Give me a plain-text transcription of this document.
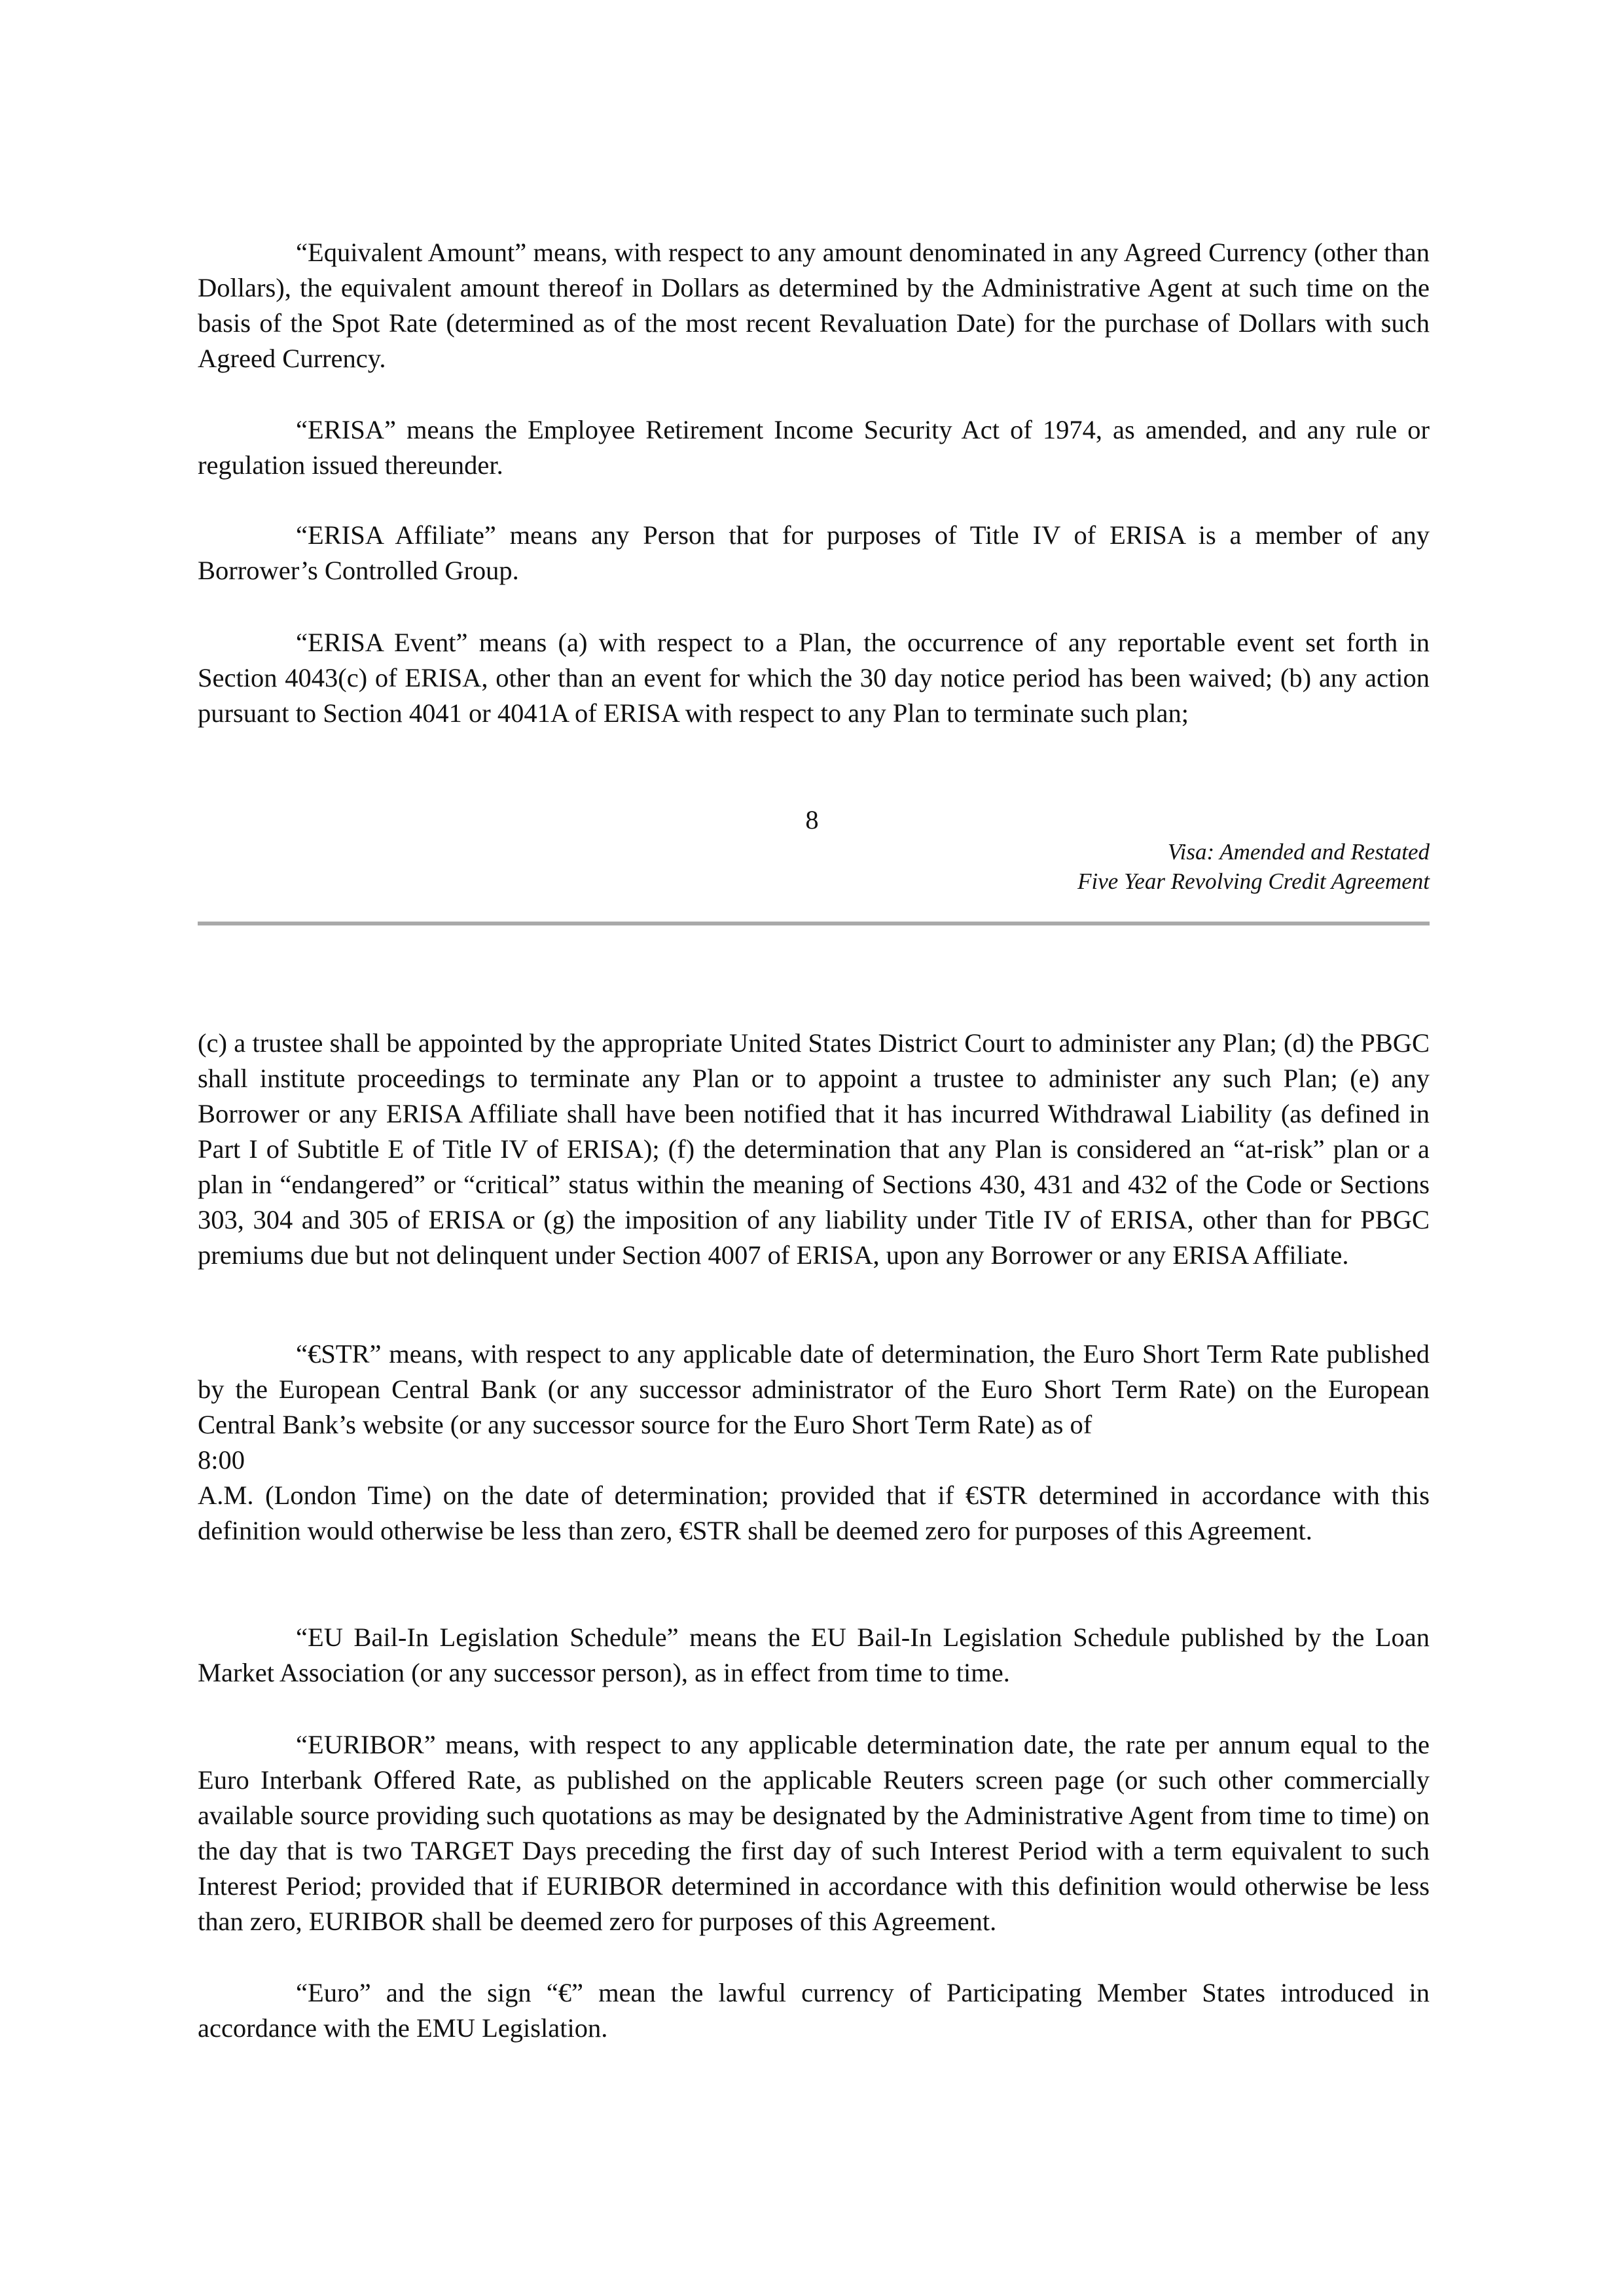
“Equivalent Amount” means, with respect to any amount denominated in any Agreed Currency (other than Dollars), the equivalent amount thereof in Dollars as determined by the Administrative Agent at such time on the basis of the Spot Rate (determined as of the most recent Revaluation Date) for the purchase of Dollars with such Agreed Currency.

“ERISA” means the Employee Retirement Income Security Act of 1974, as amended, and any rule or regulation issued thereunder.

“ERISA Affiliate” means any Person that for purposes of Title IV of ERISA is a member of any Borrower’s Controlled Group.

“ERISA Event” means (a) with respect to a Plan, the occurrence of any reportable event set forth in Section 4043(c) of ERISA, other than an event for which the 30 day notice period has been waived; (b) any action pursuant to Section 4041 or 4041A of ERISA with respect to any Plan to terminate such plan;

8

Visa: Amended and Restated

Five Year Revolving Credit Agreement

(c) a trustee shall be appointed by the appropriate United States District Court to administer any Plan; (d) the PBGC shall institute proceedings to terminate any Plan or to appoint a trustee to administer any such Plan; (e) any Borrower or any ERISA Affiliate shall have been notified that it has incurred Withdrawal Liability (as defined in Part I of Subtitle E of Title IV of ERISA); (f) the determination that any Plan is considered an “at-risk” plan or a plan in “endangered” or “critical” status within the meaning of Sections 430, 431 and 432 of the Code or Sections 303, 304 and 305 of ERISA or (g) the imposition of any liability under Title IV of ERISA, other than for PBGC premiums due but not delinquent under Section 4007 of ERISA, upon any Borrower or any ERISA Affiliate.

“€STR” means, with respect to any applicable date of determination, the Euro Short Term Rate published by the European Central Bank (or any successor administrator of the Euro Short Term Rate) on the European Central Bank’s website (or any successor source for the Euro Short Term Rate) as of

8:00

A.M. (London Time) on the date of determination; provided that if €STR determined in accordance with this definition would otherwise be less than zero, €STR shall be deemed zero for purposes of this Agreement.

“EU Bail-In Legislation Schedule” means the EU Bail-In Legislation Schedule published by the Loan Market Association (or any successor person), as in effect from time to time.

“EURIBOR” means, with respect to any applicable determination date, the rate per annum equal to the Euro Interbank Offered Rate, as published on the applicable Reuters screen page (or such other commercially available source providing such quotations as may be designated by the Administrative Agent from time to time) on the day that is two TARGET Days preceding the first day of such Interest Period with a term equivalent to such Interest Period; provided that if EURIBOR determined in accordance with this definition would otherwise be less than zero, EURIBOR shall be deemed zero for purposes of this Agreement.

“Euro” and the sign “€” mean the lawful currency of Participating Member States introduced in accordance with the EMU Legislation.
